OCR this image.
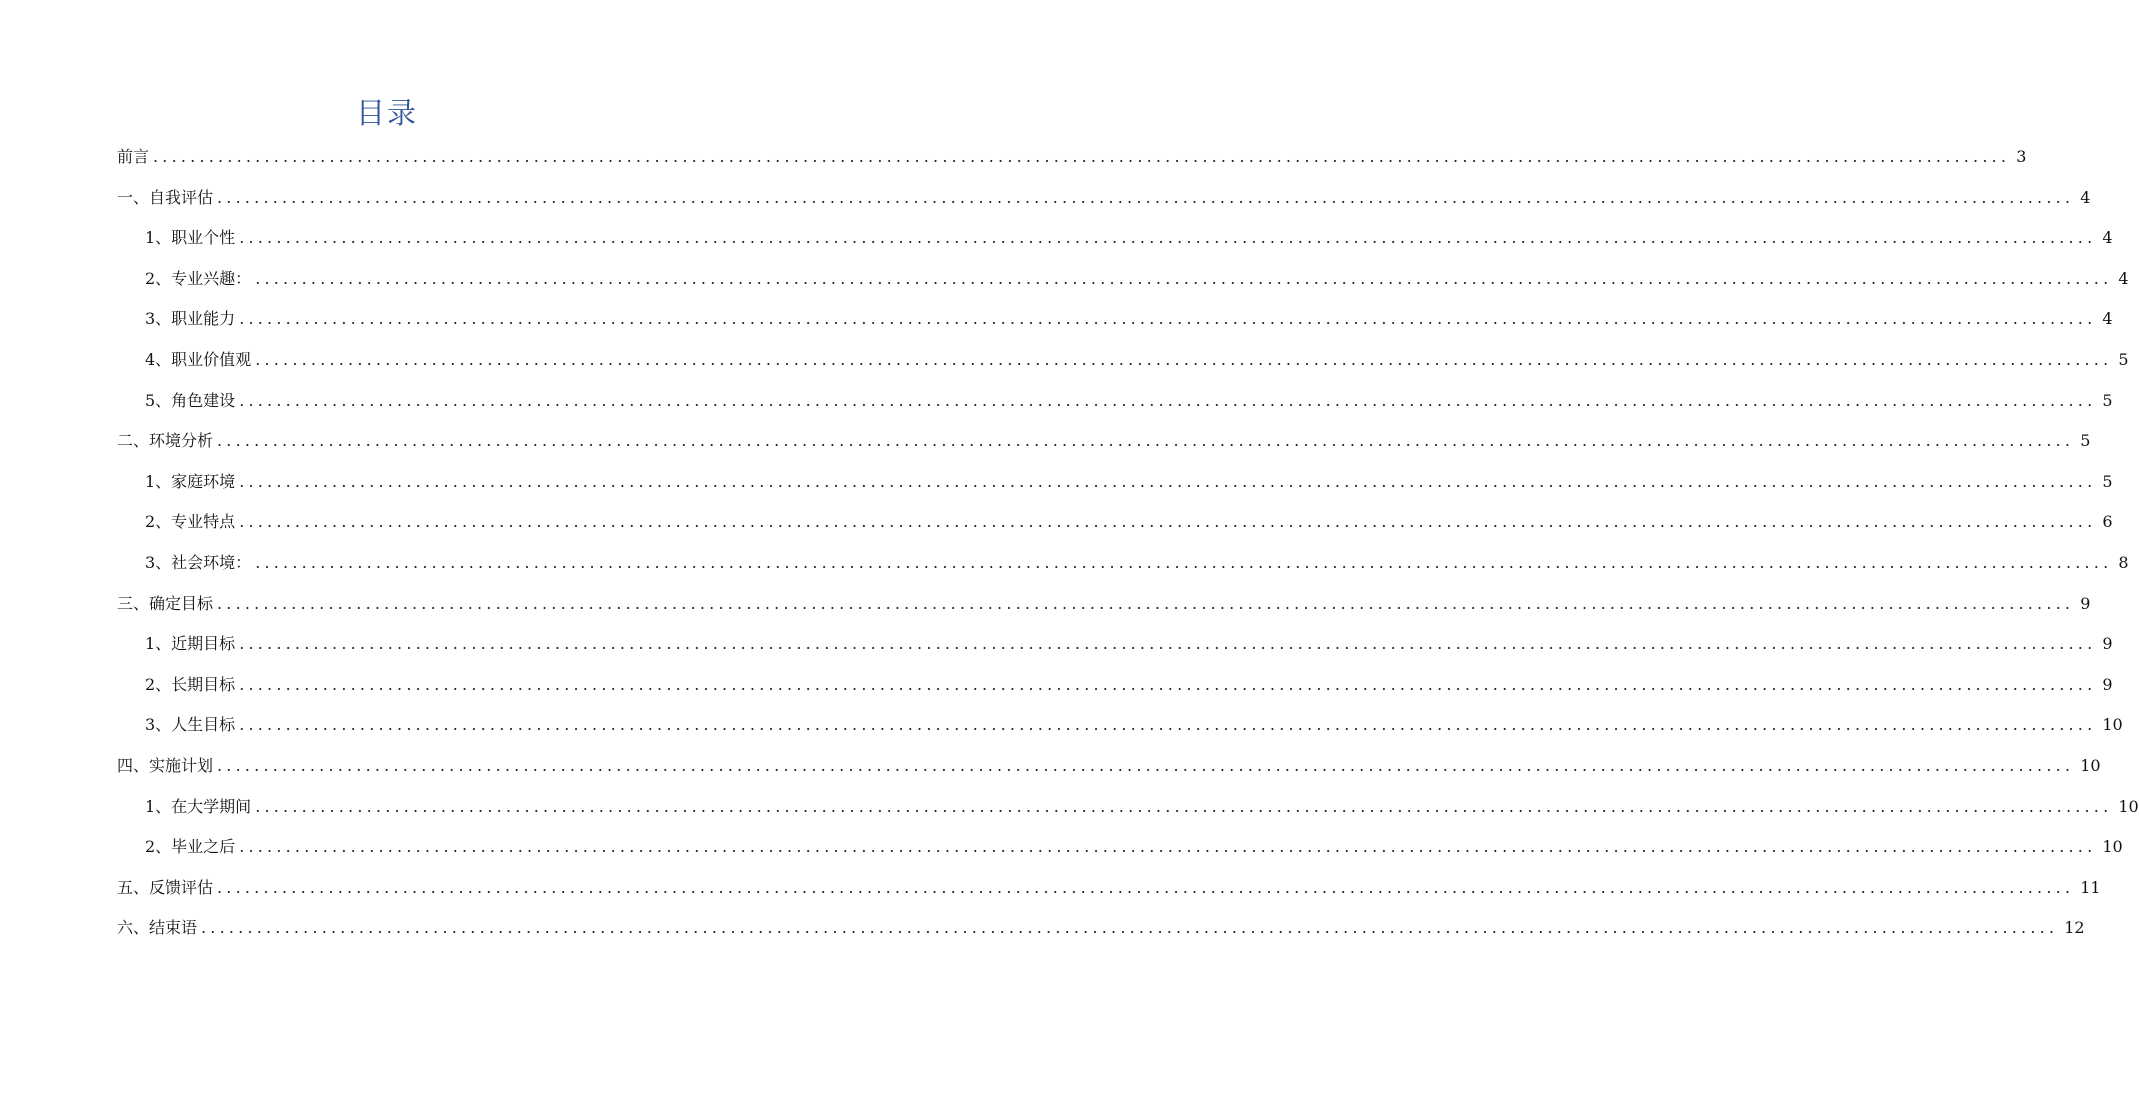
目录
前言 ........................................................................................................................................................................................................ 3
一、自我评估 ........................................................................................................................................................................................................ 4
1、职业个性 ........................................................................................................................................................................................................ 4
2、专业兴趣： ........................................................................................................................................................................................................ 4
3、职业能力 ........................................................................................................................................................................................................ 4
4、职业价值观 ........................................................................................................................................................................................................ 5
5、角色建设 ........................................................................................................................................................................................................ 5
二、环境分析 ........................................................................................................................................................................................................ 5
1、家庭环境 ........................................................................................................................................................................................................ 5
2、专业特点 ........................................................................................................................................................................................................ 6
3、社会环境： ........................................................................................................................................................................................................ 8
三、确定目标 ........................................................................................................................................................................................................ 9
1、近期目标 ........................................................................................................................................................................................................ 9
2、长期目标 ........................................................................................................................................................................................................ 9
3、人生目标 ........................................................................................................................................................................................................ 10
四、实施计划 ........................................................................................................................................................................................................ 10
1、在大学期间 ........................................................................................................................................................................................................ 10
2、毕业之后 ........................................................................................................................................................................................................ 10
五、反馈评估 ........................................................................................................................................................................................................ 11
六、结束语 ........................................................................................................................................................................................................ 12
